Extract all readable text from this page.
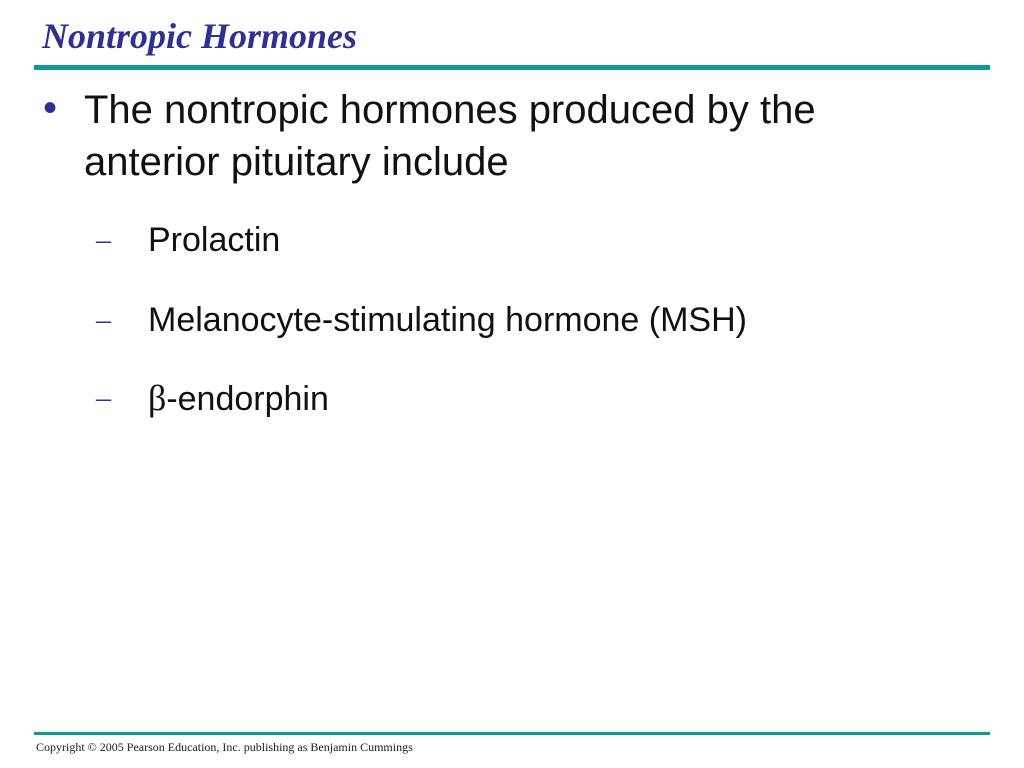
Nontropic Hormones
• The nontropic hormones produced by the anterior pituitary include
– Prolactin
– Melanocyte-stimulating hormone (MSH)
– β-endorphin
Copyright © 2005 Pearson Education, Inc. publishing as Benjamin Cummings
